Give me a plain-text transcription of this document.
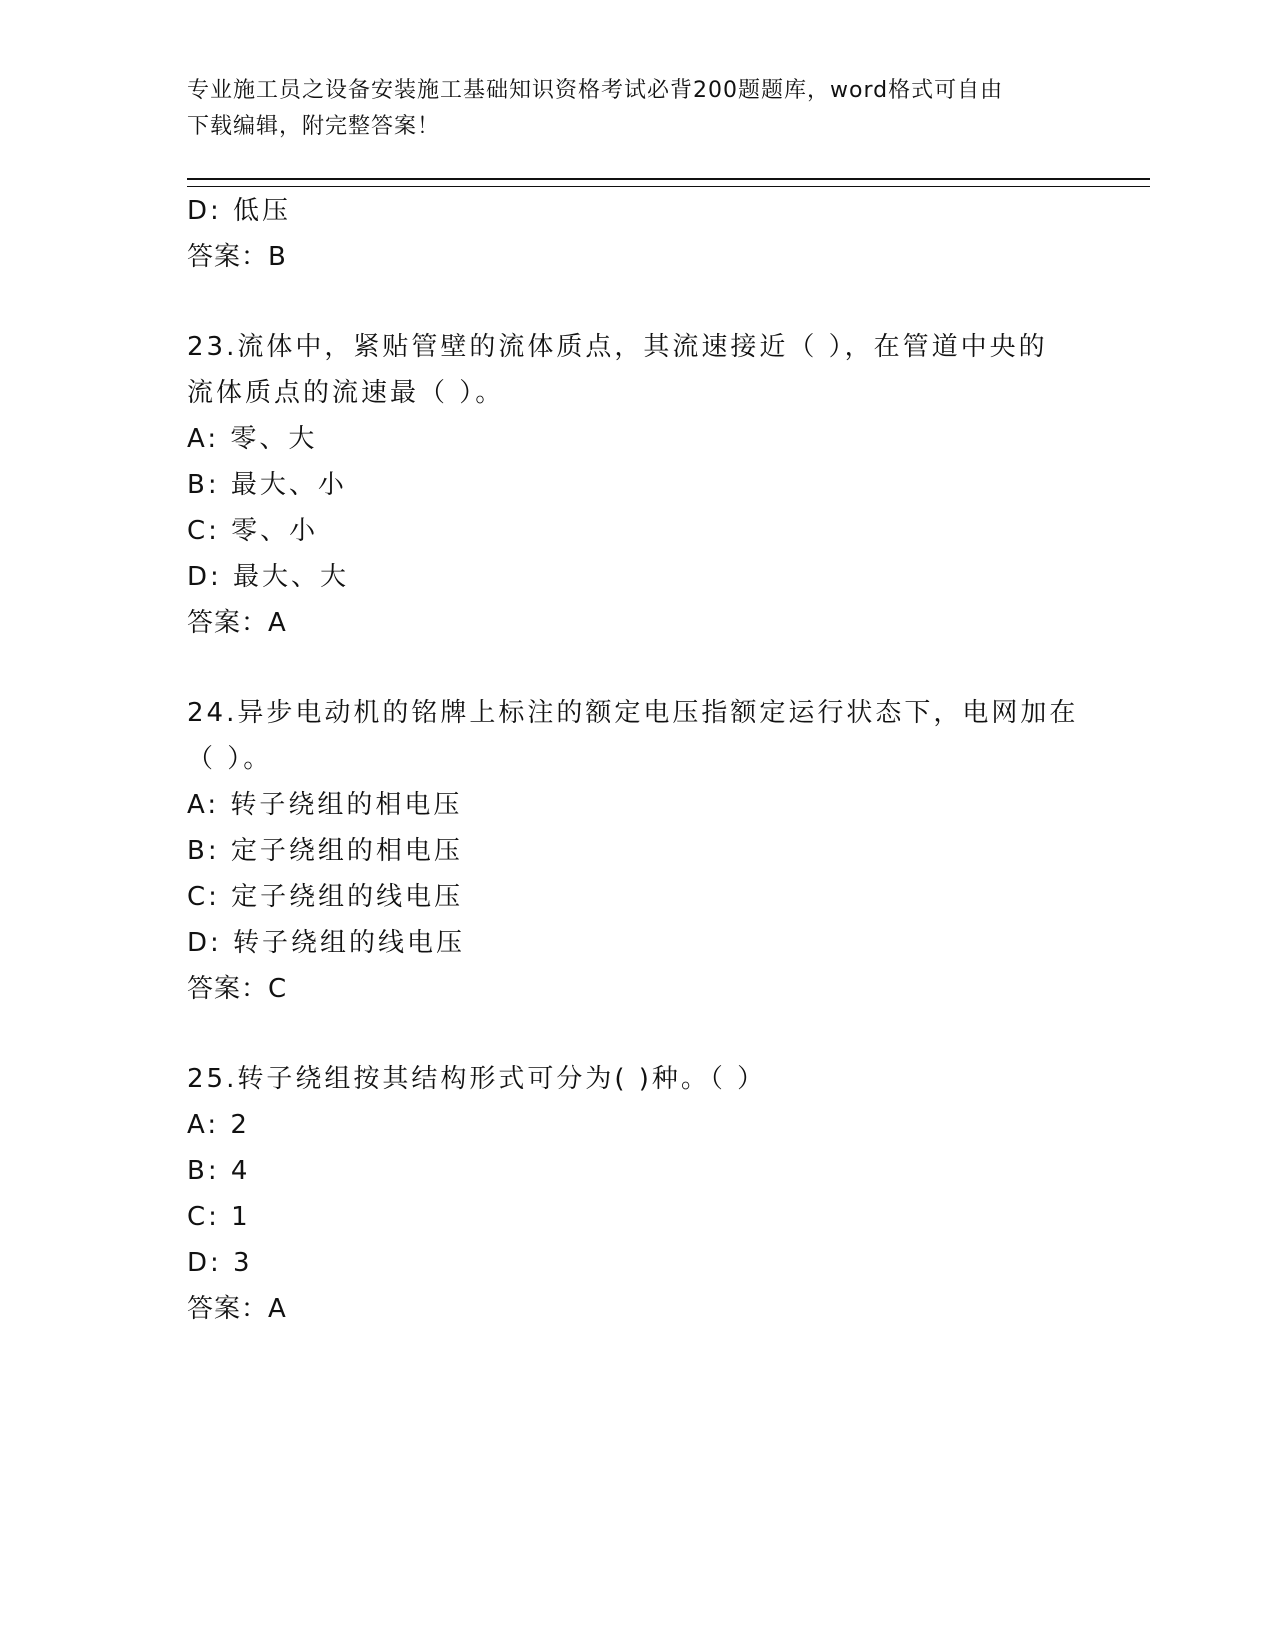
专业施工员之设备安装施工基础知识资格考试必背200题题库，word格式可自由
下载编辑，附完整答案！
D: 低压
答案：B
23.流体中，紧贴管壁的流体质点，其流速接近（ ），在管道中央的
流体质点的流速最（ ）。
A: 零、大
B: 最大、小
C: 零、小
D: 最大、大
答案：A
24.异步电动机的铭牌上标注的额定电压指额定运行状态下，电网加在
（ ）。
A: 转子绕组的相电压
B: 定子绕组的相电压
C: 定子绕组的线电压
D: 转子绕组的线电压
答案：C
25.转子绕组按其结构形式可分为( )种。（ ）
A: 2
B: 4
C: 1
D: 3
答案：A
